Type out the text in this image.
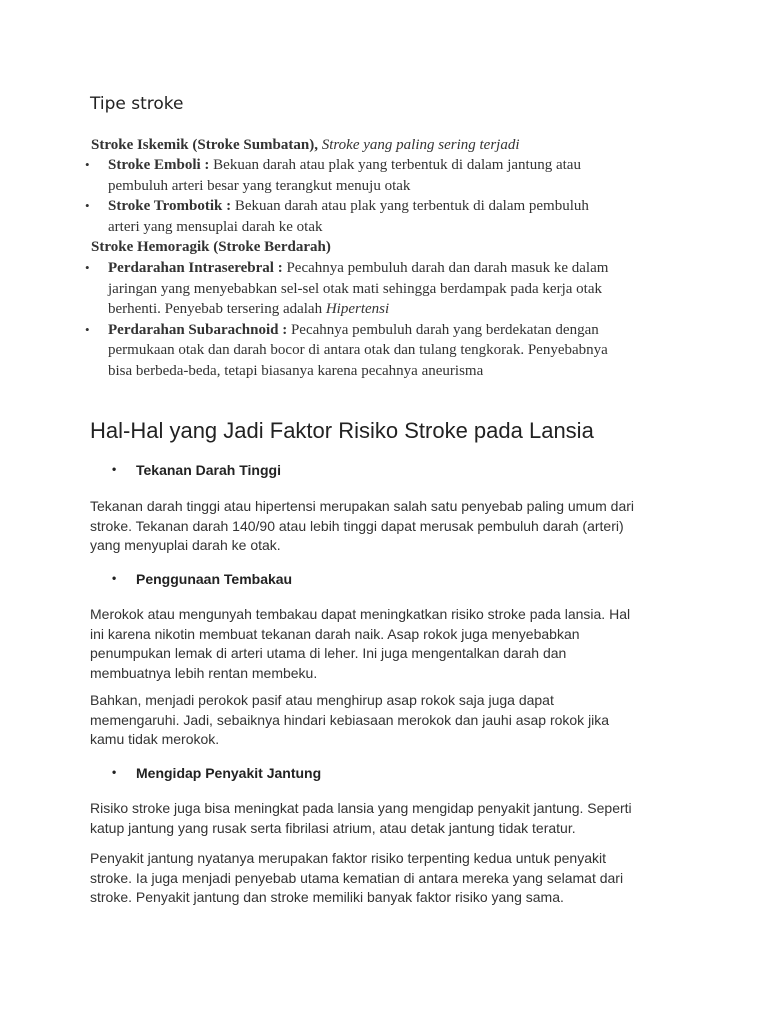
Tipe stroke

Stroke Iskemik (Stroke Sumbatan), Stroke yang paling sering terjadi

• Stroke Emboli : Bekuan darah atau plak yang terbentuk di dalam jantung atau
pembuluh arteri besar yang terangkut menuju otak
• Stroke Trombotik : Bekuan darah atau plak yang terbentuk di dalam pembuluh
arteri yang mensuplai darah ke otak

Stroke Hemoragik (Stroke Berdarah)

• Perdarahan Intraserebral : Pecahnya pembuluh darah dan darah masuk ke dalam
jaringan yang menyebabkan sel-sel otak mati sehingga berdampak pada kerja otak
berhenti. Penyebab tersering adalah Hipertensi
• Perdarahan Subarachnoid : Pecahnya pembuluh darah yang berdekatan dengan
permukaan otak dan darah bocor di antara otak dan tulang tengkorak. Penyebabnya
bisa berbeda-beda, tetapi biasanya karena pecahnya aneurisma
Hal-Hal yang Jadi Faktor Risiko Stroke pada Lansia

• Tekanan Darah Tinggi

Tekanan darah tinggi atau hipertensi merupakan salah satu penyebab paling umum dari
stroke. Tekanan darah 140/90 atau lebih tinggi dapat merusak pembuluh darah (arteri)
yang menyuplai darah ke otak.

• Penggunaan Tembakau

Merokok atau mengunyah tembakau dapat meningkatkan risiko stroke pada lansia. Hal
ini karena nikotin membuat tekanan darah naik. Asap rokok juga menyebabkan
penumpukan lemak di arteri utama di leher. Ini juga mengentalkan darah dan
membuatnya lebih rentan membeku.

Bahkan, menjadi perokok pasif atau menghirup asap rokok saja juga dapat
memengaruhi. Jadi, sebaiknya hindari kebiasaan merokok dan jauhi asap rokok jika
kamu tidak merokok.

• Mengidap Penyakit Jantung

Risiko stroke juga bisa meningkat pada lansia yang mengidap penyakit jantung. Seperti
katup jantung yang rusak serta fibrilasi atrium, atau detak jantung tidak teratur.

Penyakit jantung nyatanya merupakan faktor risiko terpenting kedua untuk penyakit
stroke. Ia juga menjadi penyebab utama kematian di antara mereka yang selamat dari
stroke. Penyakit jantung dan stroke memiliki banyak faktor risiko yang sama.
